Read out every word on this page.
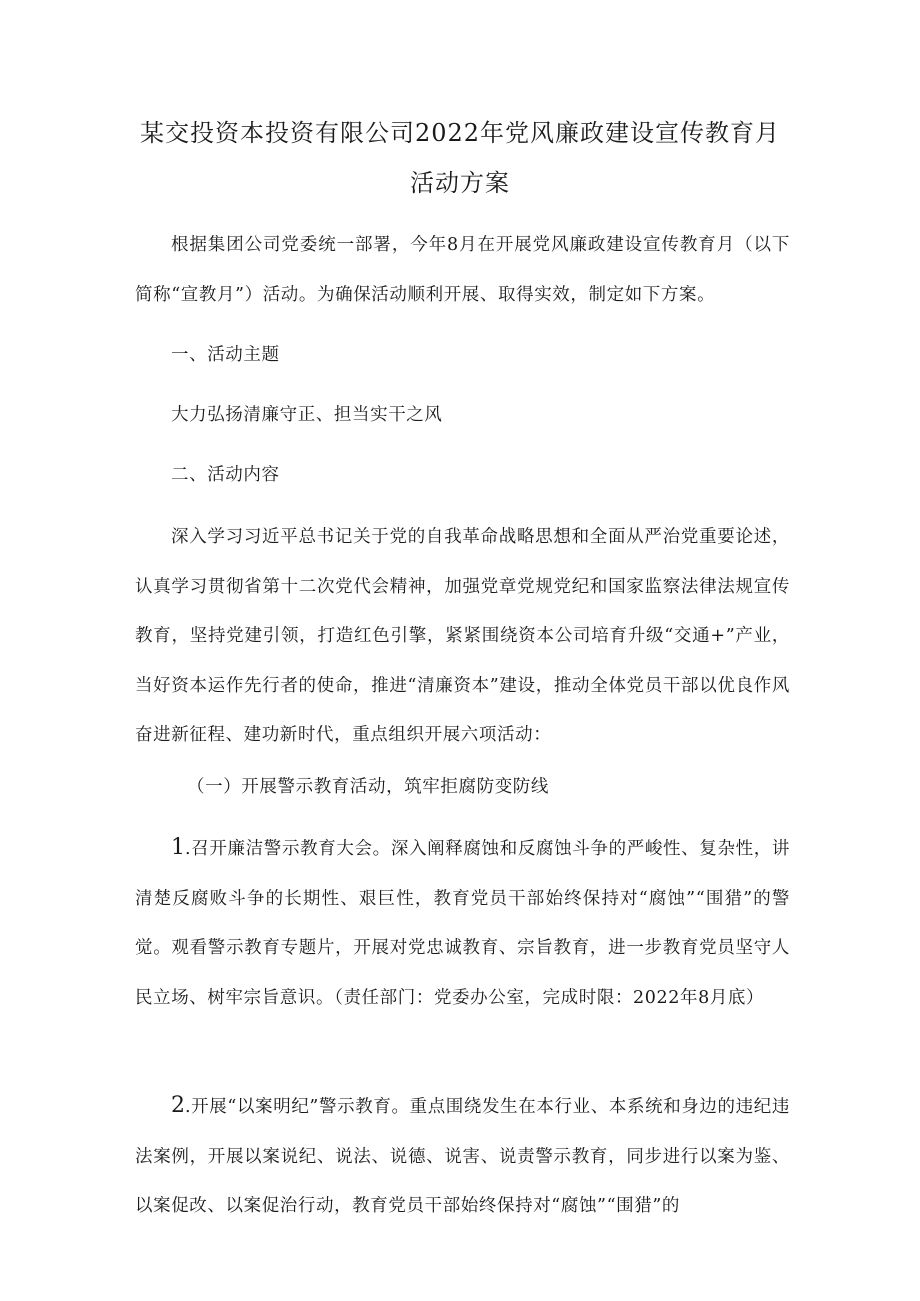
某交投资本投资有限公司2022年党风廉政建设宣传教育月
活动方案
根据集团公司党委统一部署，今年8月在开展党风廉政建设宣传教育月（以下简称“宣教月”）活动。为确保活动顺利开展、取得实效，制定如下方案。
一、活动主题
大力弘扬清廉守正、担当实干之风
二、活动内容
深入学习习近平总书记关于党的自我革命战略思想和全面从严治党重要论述，认真学习贯彻省第十二次党代会精神，加强党章党规党纪和国家监察法律法规宣传教育，坚持党建引领，打造红色引擎，紧紧围绕资本公司培育升级“交通+”产业，当好资本运作先行者的使命，推进“清廉资本”建设，推动全体党员干部以优良作风奋进新征程、建功新时代，重点组织开展六项活动：
（一）开展警示教育活动，筑牢拒腐防变防线
1.召开廉洁警示教育大会。深入阐释腐蚀和反腐蚀斗争的严峻性、复杂性，讲清楚反腐败斗争的长期性、艰巨性，教育党员干部始终保持对“腐蚀”“围猎”的警觉。观看警示教育专题片，开展对党忠诚教育、宗旨教育，进一步教育党员坚守人民立场、树牢宗旨意识。（责任部门：党委办公室，完成时限：2022年8月底）
2.开展“以案明纪”警示教育。重点围绕发生在本行业、本系统和身边的违纪违法案例，开展以案说纪、说法、说德、说害、说责警示教育，同步进行以案为鉴、以案促改、以案促治行动，教育党员干部始终保持对“腐蚀”“围猎”的
